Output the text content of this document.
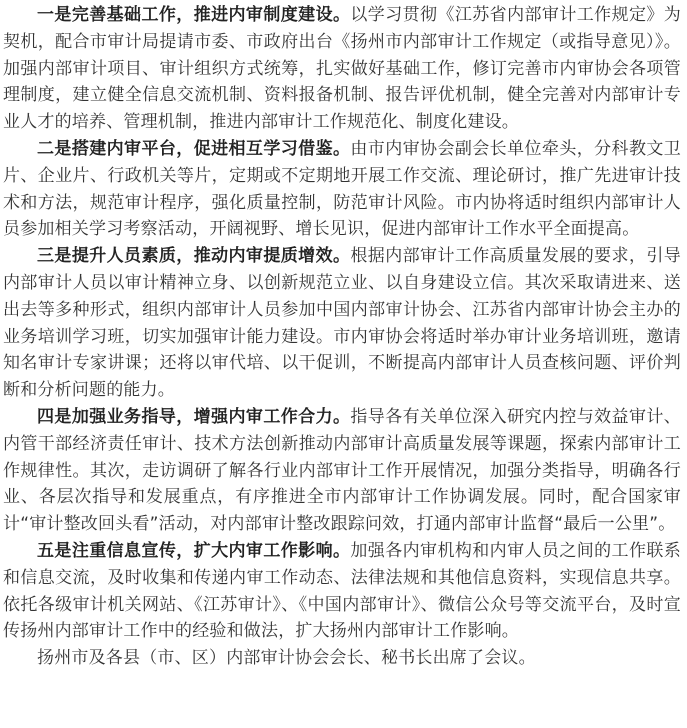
一是完善基础工作，推进内审制度建设。以学习贯彻《江苏省内部审计工作规定》为契机，配合市审计局提请市委、市政府出台《扬州市内部审计工作规定（或指导意见）》。加强内部审计项目、审计组织方式统筹，扎实做好基础工作，修订完善市内审协会各项管理制度，建立健全信息交流机制、资料报备机制、报告评优机制，健全完善对内部审计专业人才的培养、管理机制，推进内部审计工作规范化、制度化建设。

二是搭建内审平台，促进相互学习借鉴。由市内审协会副会长单位牵头，分科教文卫片、企业片、行政机关等片，定期或不定期地开展工作交流、理论研讨，推广先进审计技术和方法，规范审计程序，强化质量控制，防范审计风险。市内协将适时组织内部审计人员参加相关学习考察活动，开阔视野、增长见识，促进内部审计工作水平全面提高。

三是提升人员素质，推动内审提质增效。根据内部审计工作高质量发展的要求，引导内部审计人员以审计精神立身、以创新规范立业、以自身建设立信。其次采取请进来、送出去等多种形式，组织内部审计人员参加中国内部审计协会、江苏省内部审计协会主办的业务培训学习班，切实加强审计能力建设。市内审协会将适时举办审计业务培训班，邀请知名审计专家讲课；还将以审代培、以干促训，不断提高内部审计人员查核问题、评价判断和分析问题的能力。

四是加强业务指导，增强内审工作合力。指导各有关单位深入研究内控与效益审计、内管干部经济责任审计、技术方法创新推动内部审计高质量发展等课题，探索内部审计工作规律性。其次，走访调研了解各行业内部审计工作开展情况，加强分类指导，明确各行业、各层次指导和发展重点，有序推进全市内部审计工作协调发展。同时，配合国家审计“审计整改回头看”活动，对内部审计整改跟踪问效，打通内部审计监督“最后一公里”。

五是注重信息宣传，扩大内审工作影响。加强各内审机构和内审人员之间的工作联系和信息交流，及时收集和传递内审工作动态、法律法规和其他信息资料，实现信息共享。依托各级审计机关网站、《江苏审计》、《中国内部审计》、微信公众号等交流平台，及时宣传扬州内部审计工作中的经验和做法，扩大扬州内部审计工作影响。

扬州市及各县（市、区）内部审计协会会长、秘书长出席了会议。
